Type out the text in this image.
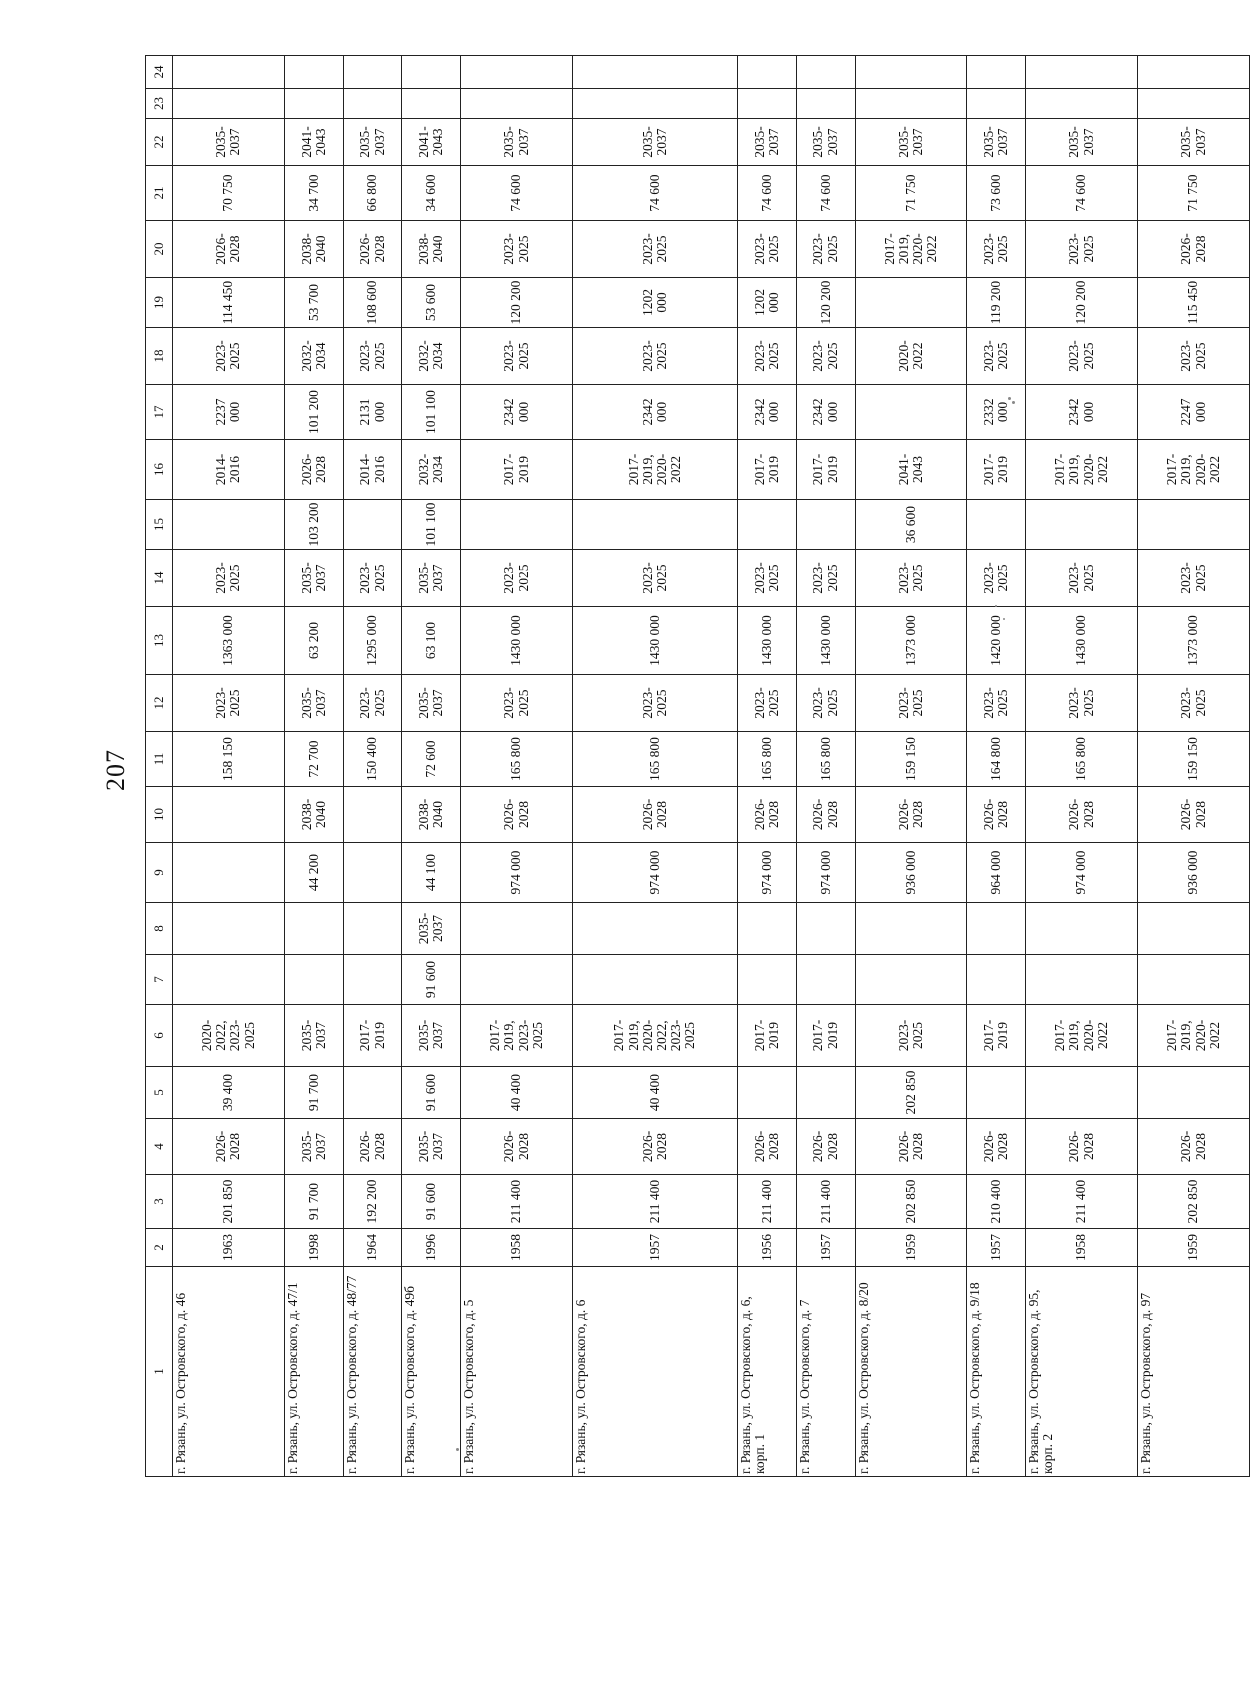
207
1	2	3	4	5	6	7	8	9	10	11	12	13	14	15	16	17	18	19	20	21	22	23	24
г. Рязань, ул. Островского, д. 46	1963	201 850	2026-2028	39 400	2020-2022, 2023-2025					158 150	2023-2025	1363 000	2023-2025		2014-2016	2237 000	2023-2025	114 450	2026-2028	70 750	2035-2037		
г. Рязань, ул. Островского, д. 47/1	1998	91 700	2035-2037	91 700	2035-2037			44 200	2038-2040	72 700	2035-2037	63 200	2035-2037	103 200	2026-2028	101 200	2032-2034	53 700	2038-2040	34 700	2041-2043		
г. Рязань, ул. Островского, д. 48/77	1964	192 200	2026-2028		2017-2019					150 400	2023-2025	1295 000	2023-2025		2014-2016	2131 000	2023-2025	108 600	2026-2028	66 800	2035-2037		
г. Рязань, ул. Островского, д. 49б	1996	91 600	2035-2037	91 600	2035-2037	91 600	2035-2037	44 100	2038-2040	72 600	2035-2037	63 100	2035-2037	101 100	2032-2034	101 100	2032-2034	53 600	2038-2040	34 600	2041-2043		
г. Рязань, ул. Островского, д. 5	1958	211 400	2026-2028	40 400	2017-2019, 2023-2025			974 000	2026-2028	165 800	2023-2025	1430 000	2023-2025		2017-2019	2342 000	2023-2025	120 200	2023-2025	74 600	2035-2037		
г. Рязань, ул. Островского, д. 6	1957	211 400	2026-2028	40 400	2017-2019, 2020-2022, 2023-2025			974 000	2026-2028	165 800	2023-2025	1430 000	2023-2025		2017-2019, 2020-2022	2342 000	2023-2025	1202 000	2023-2025	74 600	2035-2037		
г. Рязань, ул. Островского, д. 6, корп. 1	1956	211 400	2026-2028		2017-2019			974 000	2026-2028	165 800	2023-2025	1430 000	2023-2025		2017-2019	2342 000	2023-2025	1202 000	2023-2025	74 600	2035-2037		
г. Рязань, ул. Островского, д. 7	1957	211 400	2026-2028		2017-2019			974 000	2026-2028	165 800	2023-2025	1430 000	2023-2025		2017-2019	2342 000	2023-2025	120 200	2023-2025	74 600	2035-2037		
г. Рязань, ул. Островского, д. 8/20	1959	202 850	2026-2028	202 850	2023-2025			936 000	2026-2028	159 150	2023-2025	1373 000	2023-2025	36 600	2041-2043		2020-2022		2017-2019, 2020-2022	71 750	2035-2037		
г. Рязань, ул. Островского, д. 9/18	1957	210 400	2026-2028		2017-2019			964 000	2026-2028	164 800	2023-2025	1420 000	2023-2025		2017-2019	2332 000	2023-2025	119 200	2023-2025	73 600	2035-2037		
г. Рязань, ул. Островского, д. 95, корп. 2	1958	211 400	2026-2028		2017-2019, 2020-2022			974 000	2026-2028	165 800	2023-2025	1430 000	2023-2025		2017-2019, 2020-2022	2342 000	2023-2025	120 200	2023-2025	74 600	2035-2037		
г. Рязань, ул. Островского, д. 97	1959	202 850	2026-2028		2017-2019, 2020-2022			936 000	2026-2028	159 150	2023-2025	1373 000	2023-2025		2017-2019, 2020-2022	2247 000	2023-2025	115 450	2026-2028	71 750	2035-2037		
